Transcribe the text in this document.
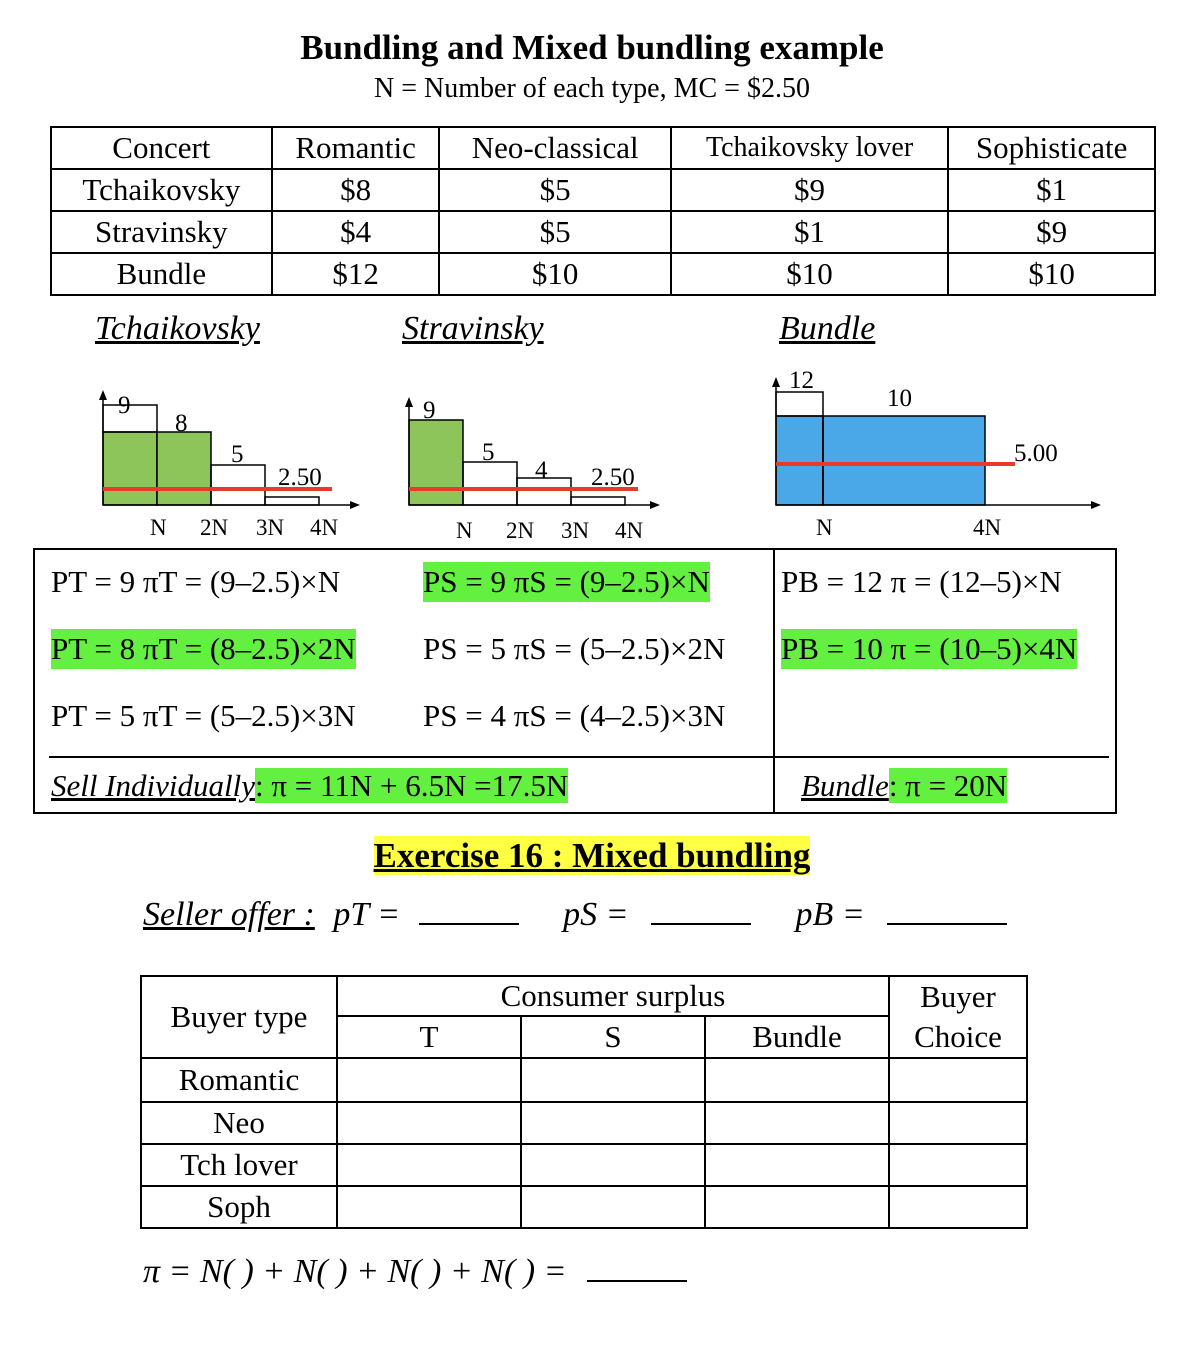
Bundling and Mixed bundling example
N = Number of each type, MC = $2.50
Concert	Romantic	Neo-classical	Tchaikovsky lover	Sophisticate
Tchaikovsky	$8	$5	$9	$1
Stravinsky	$4	$5	$1	$9
Bundle	$12	$10	$10	$10
Tchaikovsky	Stravinsky	Bundle
9
8
5
2.50
N 2N 3N 4N
9
5
4 2.50
N 2N 3N 4N
12
10
5.00
N	4N
PT = 9 πT = (9–2.5)×N	PS = 9 πS = (9–2.5)×N PB = 12 π = (12–5)×N
PT = 8 πT = (8–2.5)×2N PS = 5 πS = (5–2.5)×2N PB = 10 π = (10–5)×4N
PT = 5 πT = (5–2.5)×3N PS = 4 πS = (4–2.5)×3N
Sell Individually: π = 11N + 6.5N =17.5N	Bundle: π = 20N
Exercise 16 : Mixed bundling
Seller offer : pT =	pS =	pB =
Buyer type	Consumer surplus			Buyer Choice
	T	S	Bundle	
Romantic				
Neo				
Tch lover				
Soph				
π = N( ) + N( ) + N( ) + N( ) =
